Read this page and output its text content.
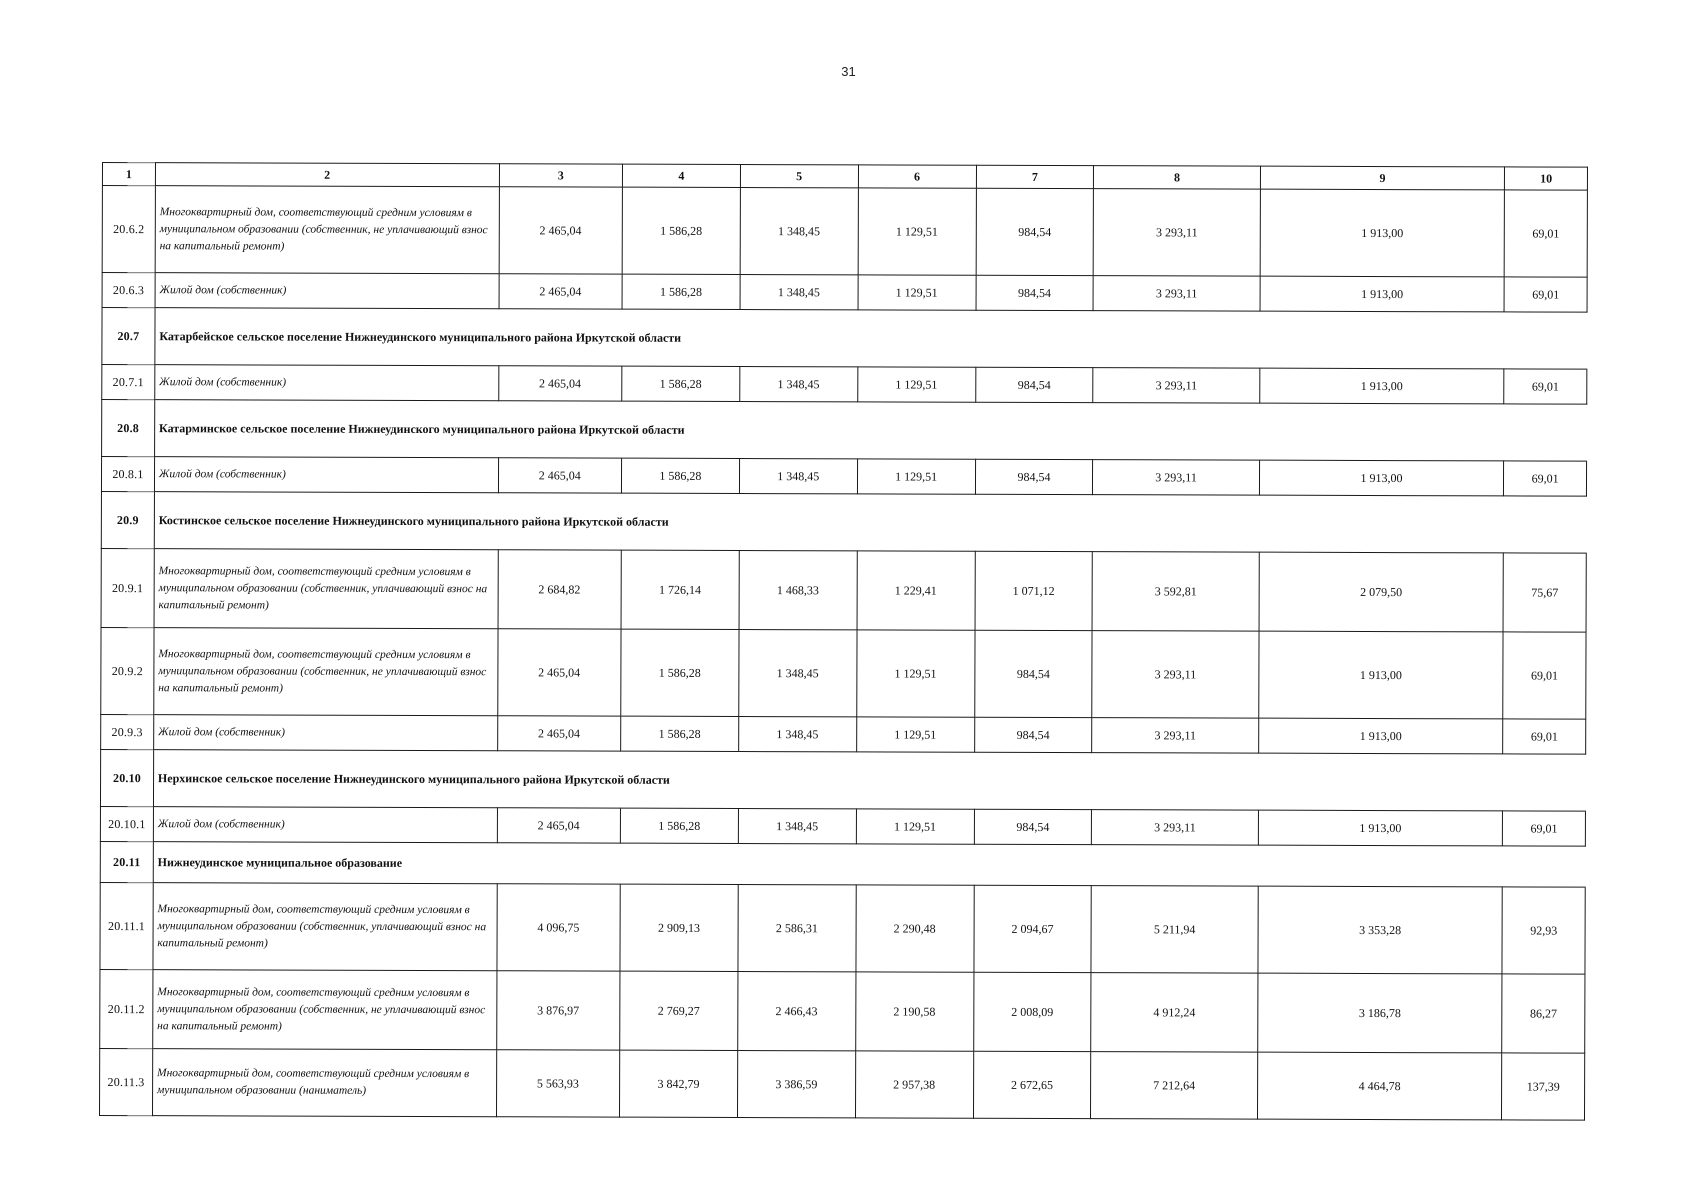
31
1	2	3	4	5	6	7	8	9	10
20.6.2	Многоквартирный дом, соответствующий средним условиям в муниципальном образовании (собственник, не уплачивающий взнос на капитальный ремонт)	2 465,04	1 586,28	1 348,45	1 129,51	984,54	3 293,11	1 913,00	69,01
20.6.3	Жилой дом (собственник)	2 465,04	1 586,28	1 348,45	1 129,51	984,54	3 293,11	1 913,00	69,01
20.7	Катарбейское сельское поселение Нижнеудинского муниципального района Иркутской области								
20.7.1	Жилой дом (собственник)	2 465,04	1 586,28	1 348,45	1 129,51	984,54	3 293,11	1 913,00	69,01
20.8	Катарминское сельское поселение Нижнеудинского муниципального района Иркутской области								
20.8.1	Жилой дом (собственник)	2 465,04	1 586,28	1 348,45	1 129,51	984,54	3 293,11	1 913,00	69,01
20.9	Костинское сельское поселение Нижнеудинского муниципального района Иркутской области								
20.9.1	Многоквартирный дом, соответствующий средним условиям в муниципальном образовании (собственник, уплачивающий взнос на капитальный ремонт)	2 684,82	1 726,14	1 468,33	1 229,41	1 071,12	3 592,81	2 079,50	75,67
20.9.2	Многоквартирный дом, соответствующий средним условиям в муниципальном образовании (собственник, не уплачивающий взнос на капитальный ремонт)	2 465,04	1 586,28	1 348,45	1 129,51	984,54	3 293,11	1 913,00	69,01
20.9.3	Жилой дом (собственник)	2 465,04	1 586,28	1 348,45	1 129,51	984,54	3 293,11	1 913,00	69,01
20.10	Нерхинское сельское поселение Нижнеудинского муниципального района Иркутской области								
20.10.1	Жилой дом (собственник)	2 465,04	1 586,28	1 348,45	1 129,51	984,54	3 293,11	1 913,00	69,01
20.11	Нижнеудинское муниципальное образование								
20.11.1	Многоквартирный дом, соответствующий средним условиям в муниципальном образовании (собственник, уплачивающий взнос на капитальный ремонт)	4 096,75	2 909,13	2 586,31	2 290,48	2 094,67	5 211,94	3 353,28	92,93
20.11.2	Многоквартирный дом, соответствующий средним условиям в муниципальном образовании (собственник, не уплачивающий взнос на капитальный ремонт)	3 876,97	2 769,27	2 466,43	2 190,58	2 008,09	4 912,24	3 186,78	86,27
20.11.3	Многоквартирный дом, соответствующий средним условиям в муниципальном образовании (наниматель)	5 563,93	3 842,79	3 386,59	2 957,38	2 672,65	7 212,64	4 464,78	137,39
